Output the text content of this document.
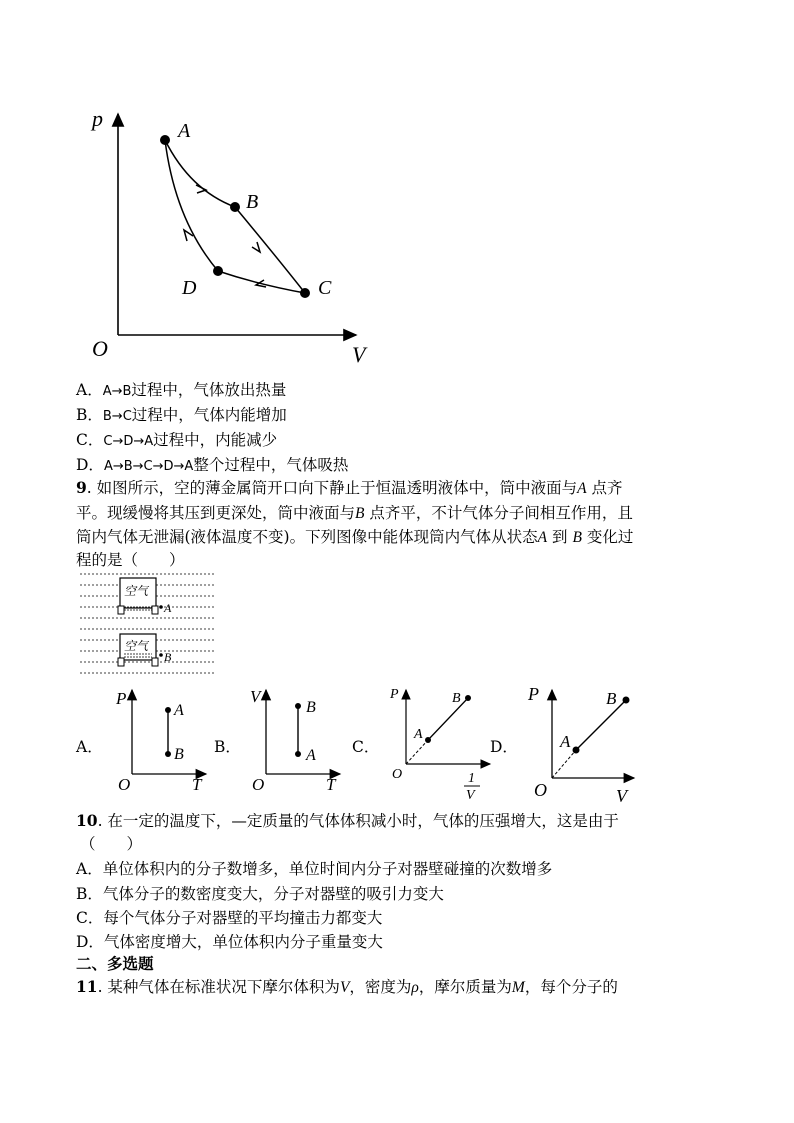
p
V
O
A
B
C
D
A．A→B过程中，气体放出热量
B．B→C过程中，气体内能增加
C．C→D→A过程中，内能减少
D．A→B→C→D→A整个过程中，气体吸热
9. 如图所示，空的薄金属筒开口向下静止于恒温透明液体中，筒中液面与A 点齐
平。现缓慢将其压到更深处，筒中液面与B 点齐平，不计气体分子间相互作用，且
筒内气体无泄漏(液体温度不变)。下列图像中能体现筒内气体从状态A 到 B 变化过
程的是（　　）
空气
空气
A
B
A．
P
T
O
A
B B．
V
T
O
B
A C．
P
O
A
B
1
V
D．
P
V
O
A
B
10. 在一定的温度下，—定质量的气体体积减小时，气体的压强增大，这是由于
（　　）
A．单位体积内的分子数增多，单位时间内分子对器壁碰撞的次数增多
B．气体分子的数密度变大，分子对器壁的吸引力变大
C．每个气体分子对器壁的平均撞击力都变大
D．气体密度增大，单位体积内分子重量变大
二、多选题
11. 某种气体在标准状况下摩尔体积为V，密度为ρ，摩尔质量为M，每个分子的
